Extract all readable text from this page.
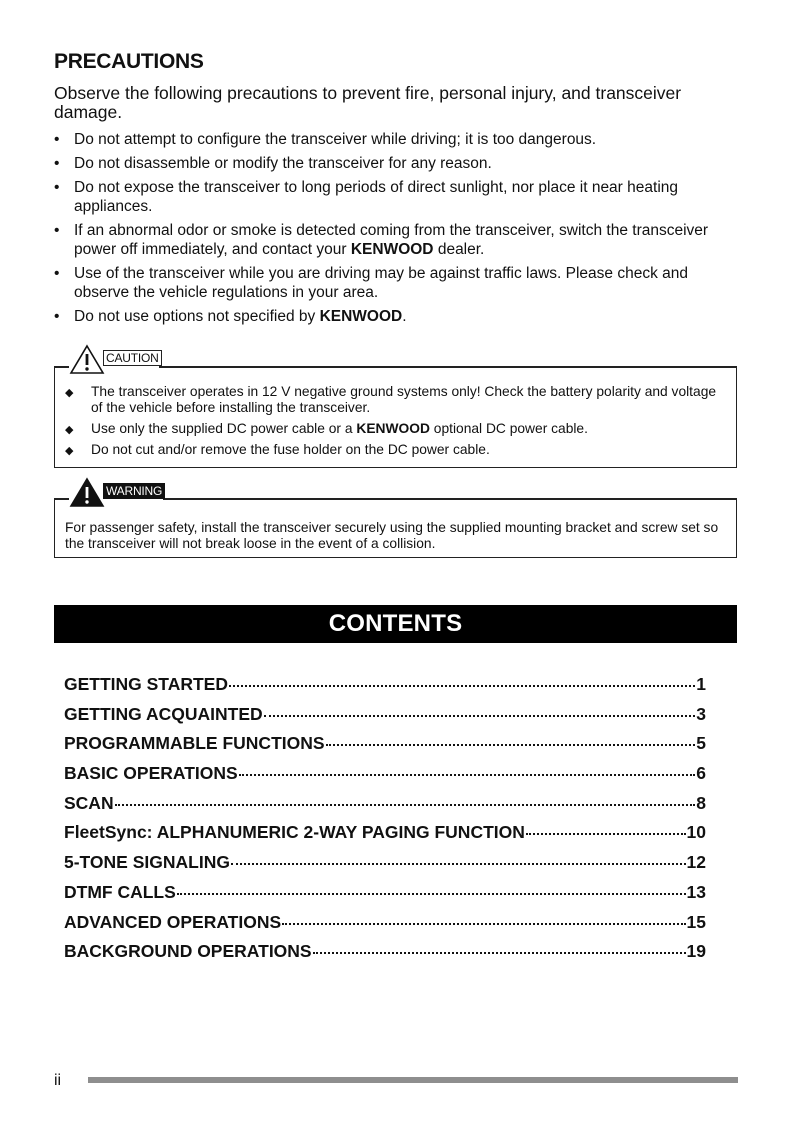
PRECAUTIONS

Observe the following precautions to prevent fire, personal injury, and transceiver damage.

• Do not attempt to configure the transceiver while driving; it is too dangerous.
• Do not disassemble or modify the transceiver for any reason.
• Do not expose the transceiver to long periods of direct sunlight, nor place it near heating appliances.
• If an abnormal odor or smoke is detected coming from the transceiver, switch the transceiver power off immediately, and contact your KENWOOD dealer.
• Use of the transceiver while you are driving may be against traffic laws. Please check and observe the vehicle regulations in your area.
• Do not use options not specified by KENWOOD.
CAUTION
◆ The transceiver operates in 12 V negative ground systems only! Check the battery polarity and voltage of the vehicle before installing the transceiver.
◆ Use only the supplied DC power cable or a KENWOOD optional DC power cable.
◆ Do not cut and/or remove the fuse holder on the DC power cable.
WARNING

For passenger safety, install the transceiver securely using the supplied mounting bracket and screw set so the transceiver will not break loose in the event of a collision.

CONTENTS
GETTING STARTED	1
GETTING ACQUAINTED	3
PROGRAMMABLE FUNCTIONS	5
BASIC OPERATIONS	6
SCAN	8
FleetSync: ALPHANUMERIC 2-WAY PAGING FUNCTION	10
5-TONE SIGNALING	12
DTMF CALLS	13
ADVANCED OPERATIONS	15
BACKGROUND OPERATIONS	19
ii
